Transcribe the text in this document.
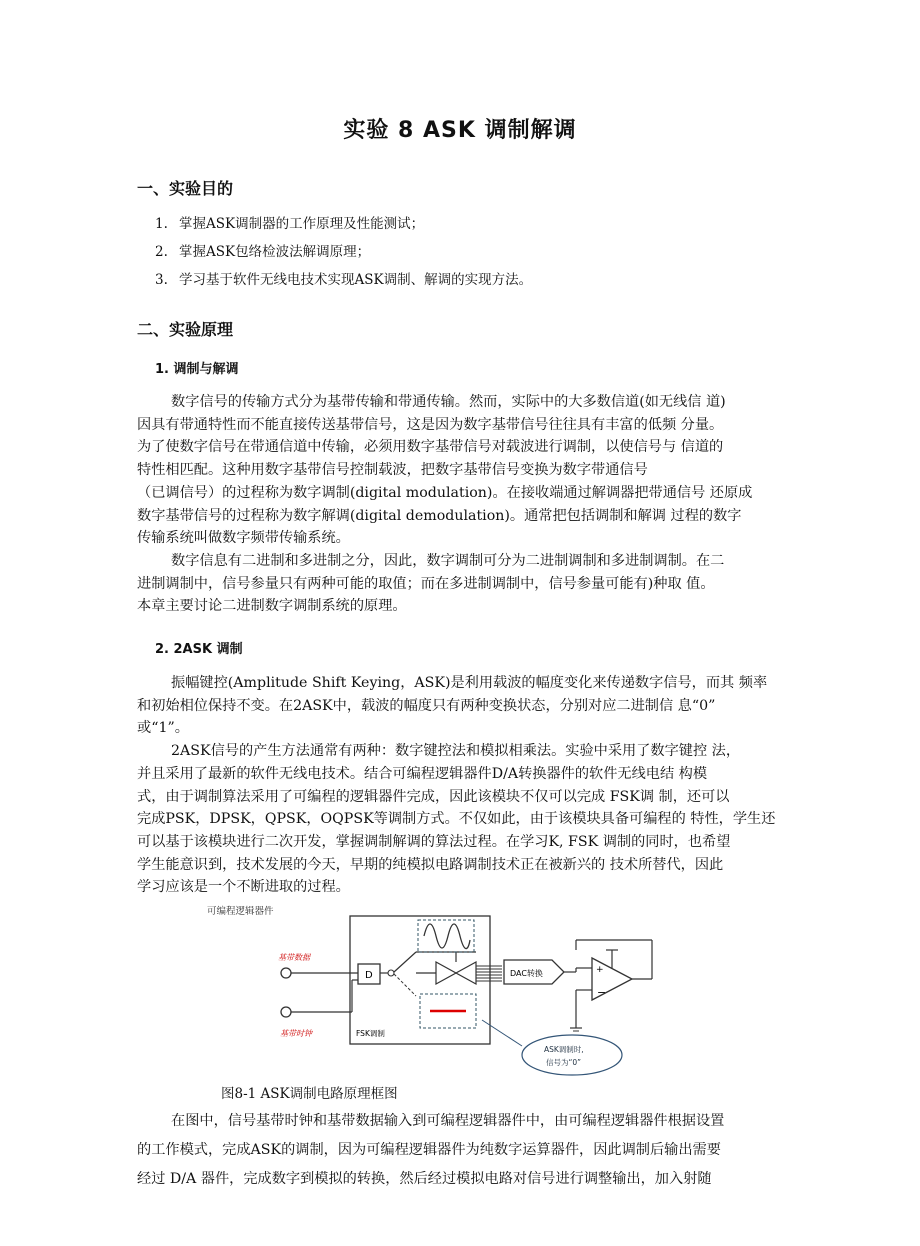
实验 8 ASK 调制解调
一、实验目的
1. 掌握ASK调制器的工作原理及性能测试；
2. 掌握ASK包络检波法解调原理；
3. 学习基于软件无线电技术实现ASK调制、解调的实现方法。
二、实验原理
1. 调制与解调
数字信号的传输方式分为基带传输和带通传输。然而，实际中的大多数信道(如无线信 道)
因具有带通特性而不能直接传送基带信号，这是因为数字基带信号往往具有丰富的低频 分量。
为了使数字信号在带通信道中传输，必须用数字基带信号对载波进行调制，以使信号与 信道的
特性相匹配。这种用数字基带信号控制载波，把数字基带信号变换为数字带通信号
（已调信号）的过程称为数字调制(digital modulation)。在接收端通过解调器把带通信号 还原成
数字基带信号的过程称为数字解调(digital demodulation)。通常把包括调制和解调 过程的数字
传输系统叫做数字频带传输系统。
数字信息有二进制和多进制之分，因此，数字调制可分为二进制调制和多进制调制。在二
进制调制中，信号参量只有两种可能的取值；而在多进制调制中，信号参量可能有)种取 值。
本章主要讨论二进制数字调制系统的原理。
2. 2ASK 调制
振幅键控(Amplitude Shift Keying，ASK)是利用载波的幅度变化来传递数字信号，而其 频率
和初始相位保持不变。在2ASK中，载波的幅度只有两种变换状态，分别对应二进制信 息“0”
或“1”。
2ASK信号的产生方法通常有两种：数字键控法和模拟相乘法。实验中采用了数字键控 法，
并且采用了最新的软件无线电技术。结合可编程逻辑器件D/A转换器件的软件无线电结 构模
式，由于调制算法采用了可编程的逻辑器件完成，因此该模块不仅可以完成 FSK调 制，还可以
完成PSK，DPSK，QPSK，OQPSK等调制方式。不仅如此，由于该模块具备可编程的 特性，学生还
可以基于该模块进行二次开发，掌握调制解调的算法过程。在学习K, FSK 调制的同时，也希望
学生能意识到，技术发展的今天，早期的纯模拟电路调制技术正在被新兴的 技术所替代，因此
学习应该是一个不断进取的过程。
可编程逻辑器件
基带数据
基带时钟
D
FSK调制
DAC转换	+
−
ASK调制时,
信号为“0”
图8-1 ASK调制电路原理框图
在图中，信号基带时钟和基带数据输入到可编程逻辑器件中，由可编程逻辑器件根据设置
的工作模式，完成ASK的调制，因为可编程逻辑器件为纯数字运算器件，因此调制后输出需要
经过 D/A 器件，完成数字到模拟的转换，然后经过模拟电路对信号进行调整输出，加入射随
